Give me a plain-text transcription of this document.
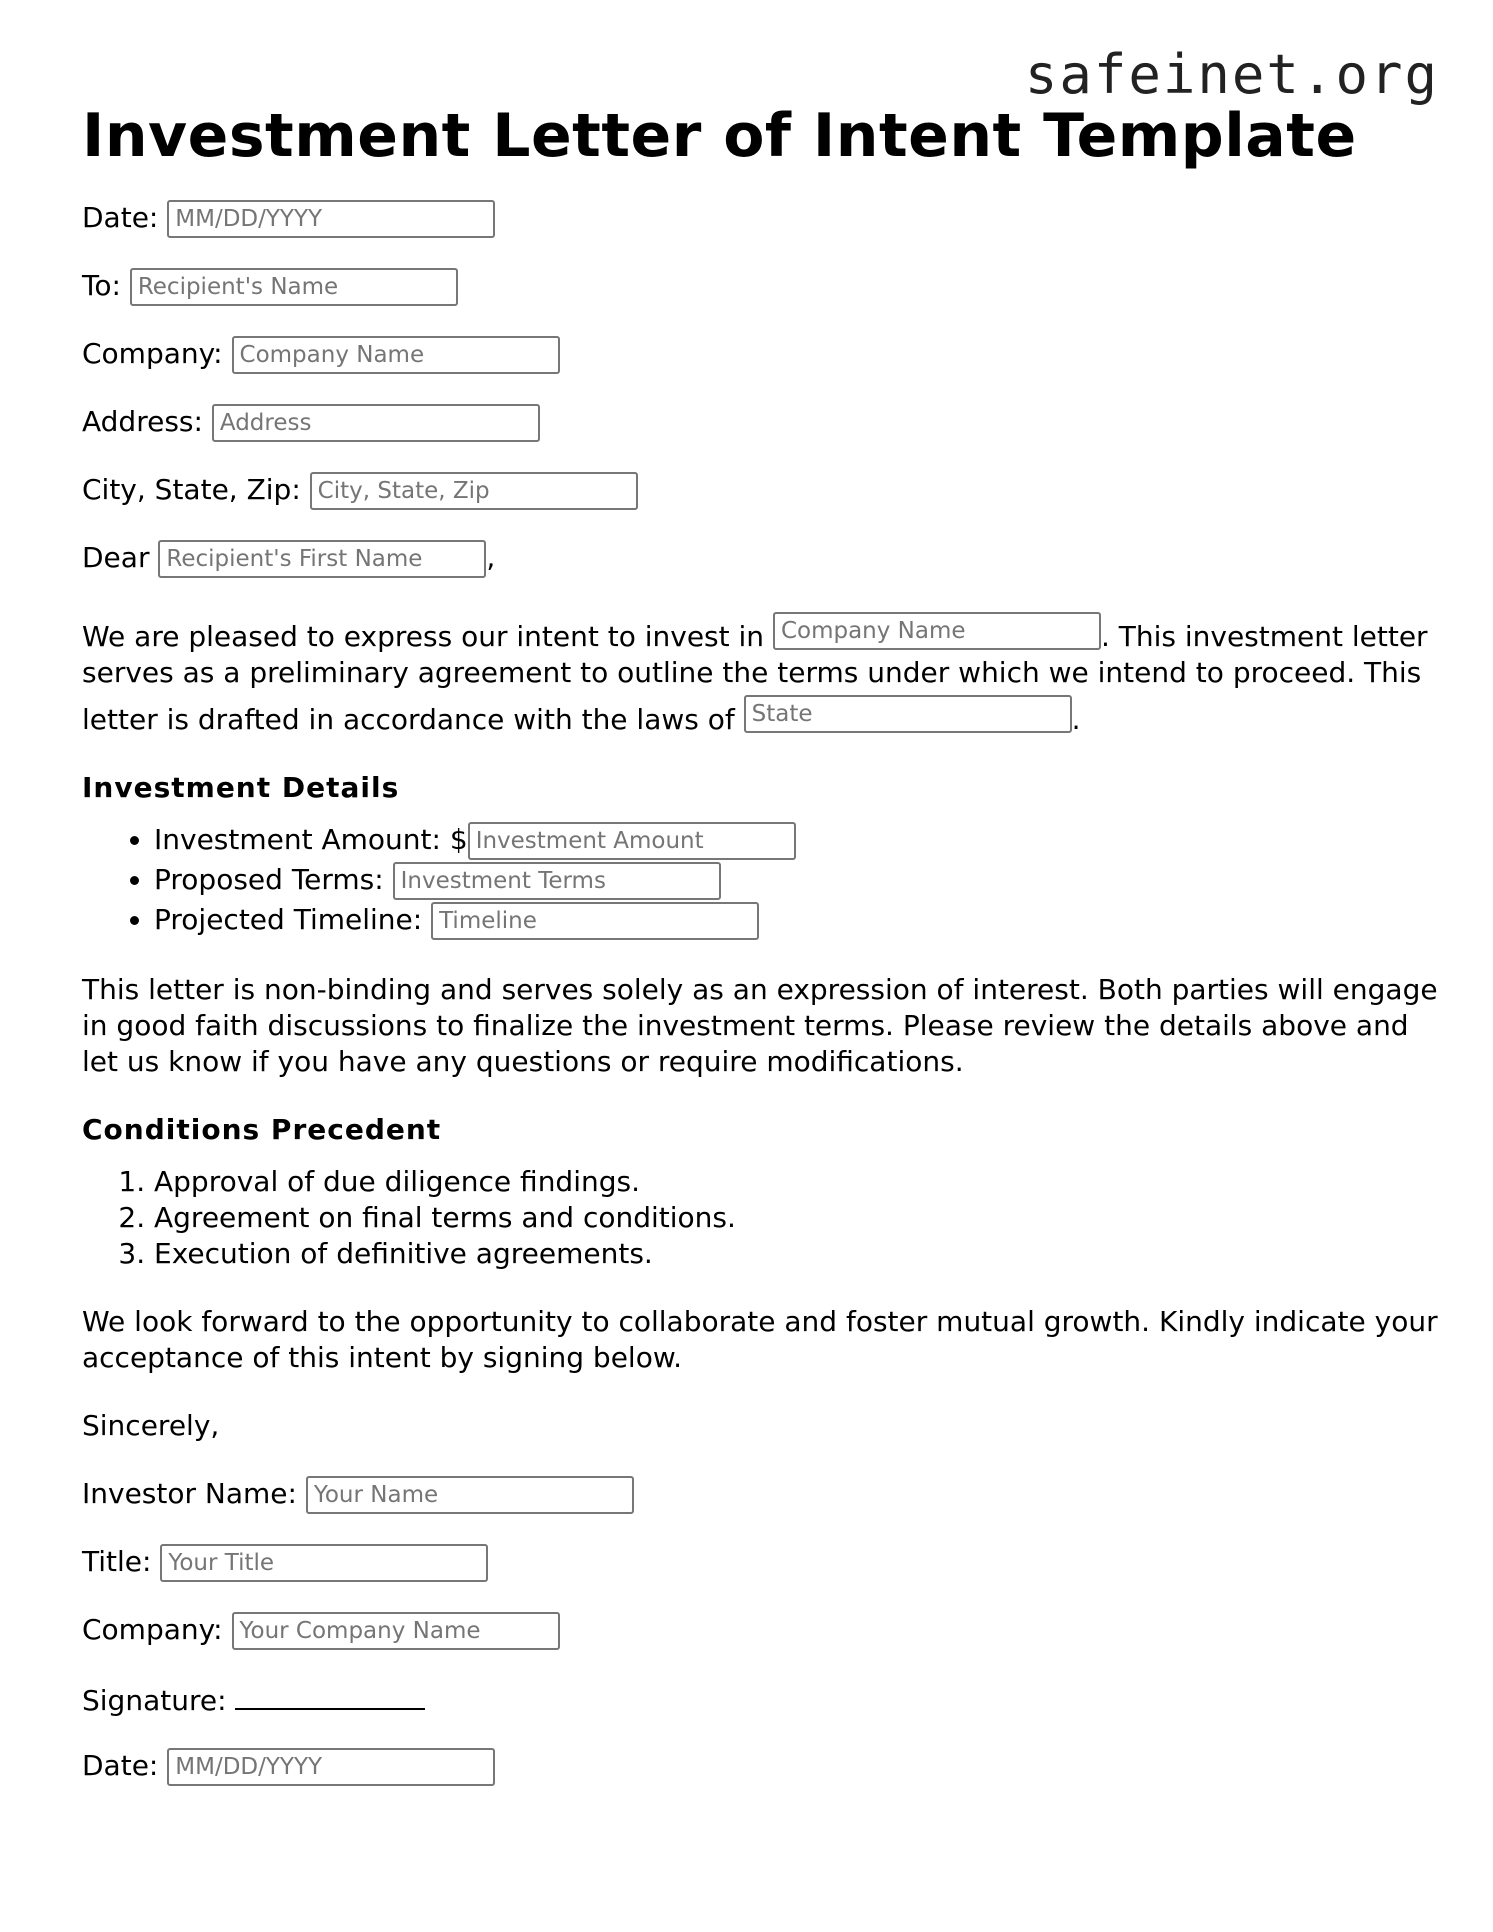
safeinet.org
Investment Letter of Intent Template
Date: MM/DD/YYYY
To: Recipient's Name
Company: Company Name
Address: Address
City, State, Zip: City, State, Zip
Dear Recipient's First Name ,

We are pleased to express our intent to invest in Company Name	. This investment letter serves as a preliminary agreement to outline the terms under which we intend to proceed. This letter is drafted in accordance with the laws of State	.

Investment Details
• Investment Amount: $ Investment Amount
• Proposed Terms: Investment Terms
• Projected Timeline: Timeline

This letter is non-binding and serves solely as an expression of interest. Both parties will engage in good faith discussions to finalize the investment terms. Please review the details above and let us know if you have any questions or require modifications.

Conditions Precedent
1. Approval of due diligence findings.
2. Agreement on final terms and conditions.
3. Execution of definitive agreements.

We look forward to the opportunity to collaborate and foster mutual growth. Kindly indicate your acceptance of this intent by signing below.

Sincerely,

Investor Name: Your Name
Title: Your Title
Company: Your Company Name
Signature:
Date: MM/DD/YYYY
